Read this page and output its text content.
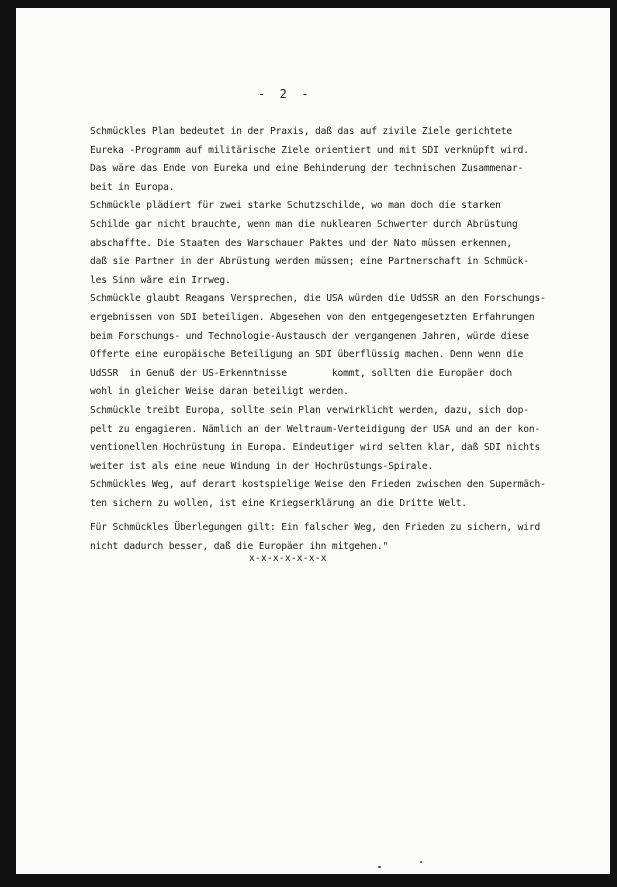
-  2  -
Schmückles Plan bedeutet in der Praxis, daß das auf zivile Ziele gerichtete
Eureka -Programm auf militärische Ziele orientiert und mit SDI verknüpft wird.
Das wäre das Ende von Eureka und eine Behinderung der technischen Zusammenar-
beit in Europa.
Schmückle plädiert für zwei starke Schutzschilde, wo man doch die starken
Schilde gar nicht brauchte, wenn man die nuklearen Schwerter durch Abrüstung
abschaffte. Die Staaten des Warschauer Paktes und der Nato müssen erkennen,
daß sie Partner in der Abrüstung werden müssen; eine Partnerschaft in Schmück-
les Sinn wäre ein Irrweg.
Schmückle glaubt Reagans Versprechen, die USA würden die UdSSR an den Forschungs-
ergebnissen von SDI beteiligen. Abgesehen von den entgegengesetzten Erfahrungen
beim Forschungs- und Technologie-Austausch der vergangenen Jahren, würde diese
Offerte eine europäische Beteiligung an SDI überflüssig machen. Denn wenn die
UdSSR  in Genuß der US-Erkenntnisse        kommt, sollten die Europäer doch
wohl in gleicher Weise daran beteiligt werden.
Schmückle treibt Europa, sollte sein Plan verwirklicht werden, dazu, sich dop-
pelt zu engagieren. Nämlich an der Weltraum-Verteidigung der USA und an der kon-
ventionellen Hochrüstung in Europa. Eindeutiger wird selten klar, daß SDI nichts
weiter ist als eine neue Windung in der Hochrüstungs-Spirale.
Schmückles Weg, auf derart kostspielige Weise den Frieden zwischen den Supermäch-
ten sichern zu wollen, ist eine Kriegserklärung an die Dritte Welt.
Für Schmückles Überlegungen gilt: Ein falscher Weg, den Frieden zu sichern, wird
nicht dadurch besser, daß die Europäer ihn mitgehen."
x-x-x-x-x-x-x
